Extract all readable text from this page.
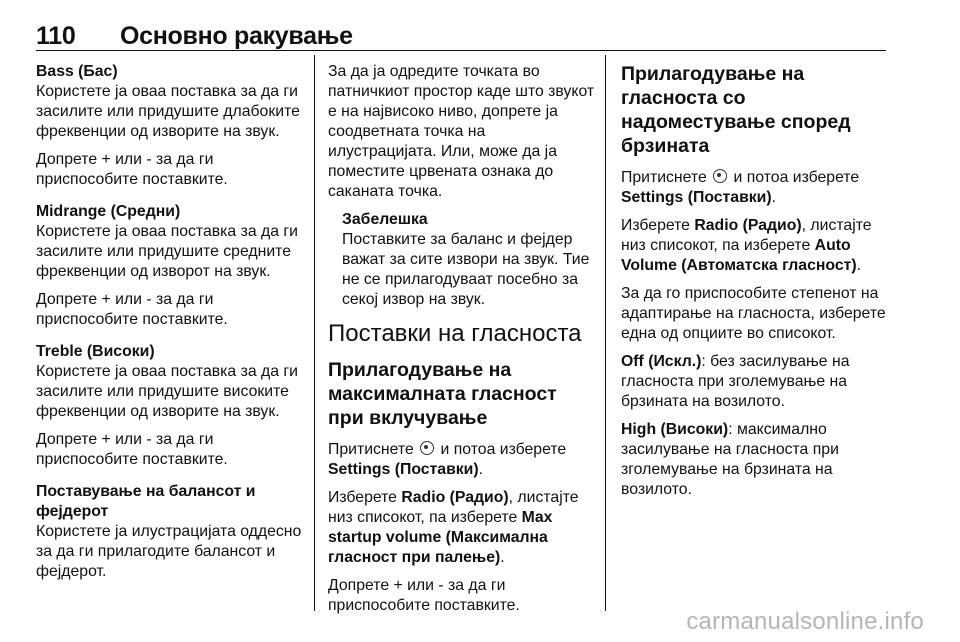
110 Основно ракување
Bass (Бас)

Користете ја оваа поставка за да ги засилите или придушите длабоките фреквенции од изворите на звук.

Допрете + или - за да ги приспособите поставките.

Midrange (Средни)

Користете ја оваа поставка за да ги засилите или придушите средните фреквенции од изворот на звук.

Допрете + или - за да ги приспособите поставките.

Treble (Високи)

Користете ја оваа поставка за да ги засилите или придушите високите фреквенции од изворите на звук.

Допрете + или - за да ги приспособите поставките.

Поставување на балансот и фејдерот

Користете ја илустрацијата оддесно за да ги прилагодите балансот и фејдерот.

За да ја одредите точката во патничкиот простор каде што звукот е на највисоко ниво, допрете ја соодветната точка на илустрацијата. Или, може да ја поместите црвената ознака до саканата точка.

Забелешка
Поставките за баланс и фејдер важат за сите извори на звук. Тие не се прилагодуваат посебно за секој извор на звук.
Поставки на гласноста
Прилагодување на максималната гласност при вклучување

Притиснете и потоа изберете Settings (Поставки).

Изберете Radio (Радио), листајте низ списокот, па изберете Max startup volume (Максимална гласност при палење).

Допрете + или - за да ги приспособите поставките.

Прилагодување на гласноста со надоместување според брзината

Притиснете и потоа изберете Settings (Поставки).

Изберете Radio (Радио), листајте низ списокот, па изберете Auto Volume (Автоматска гласност).

За да го приспособите степенот на адаптирање на гласноста, изберете една од опциите во списокот.

Off (Искл.): без засилување на гласноста при зголемување на брзината на возилото.

High (Високи): максимално засилување на гласноста при зголемување на брзината на возилото.

carmanualsonline.info
